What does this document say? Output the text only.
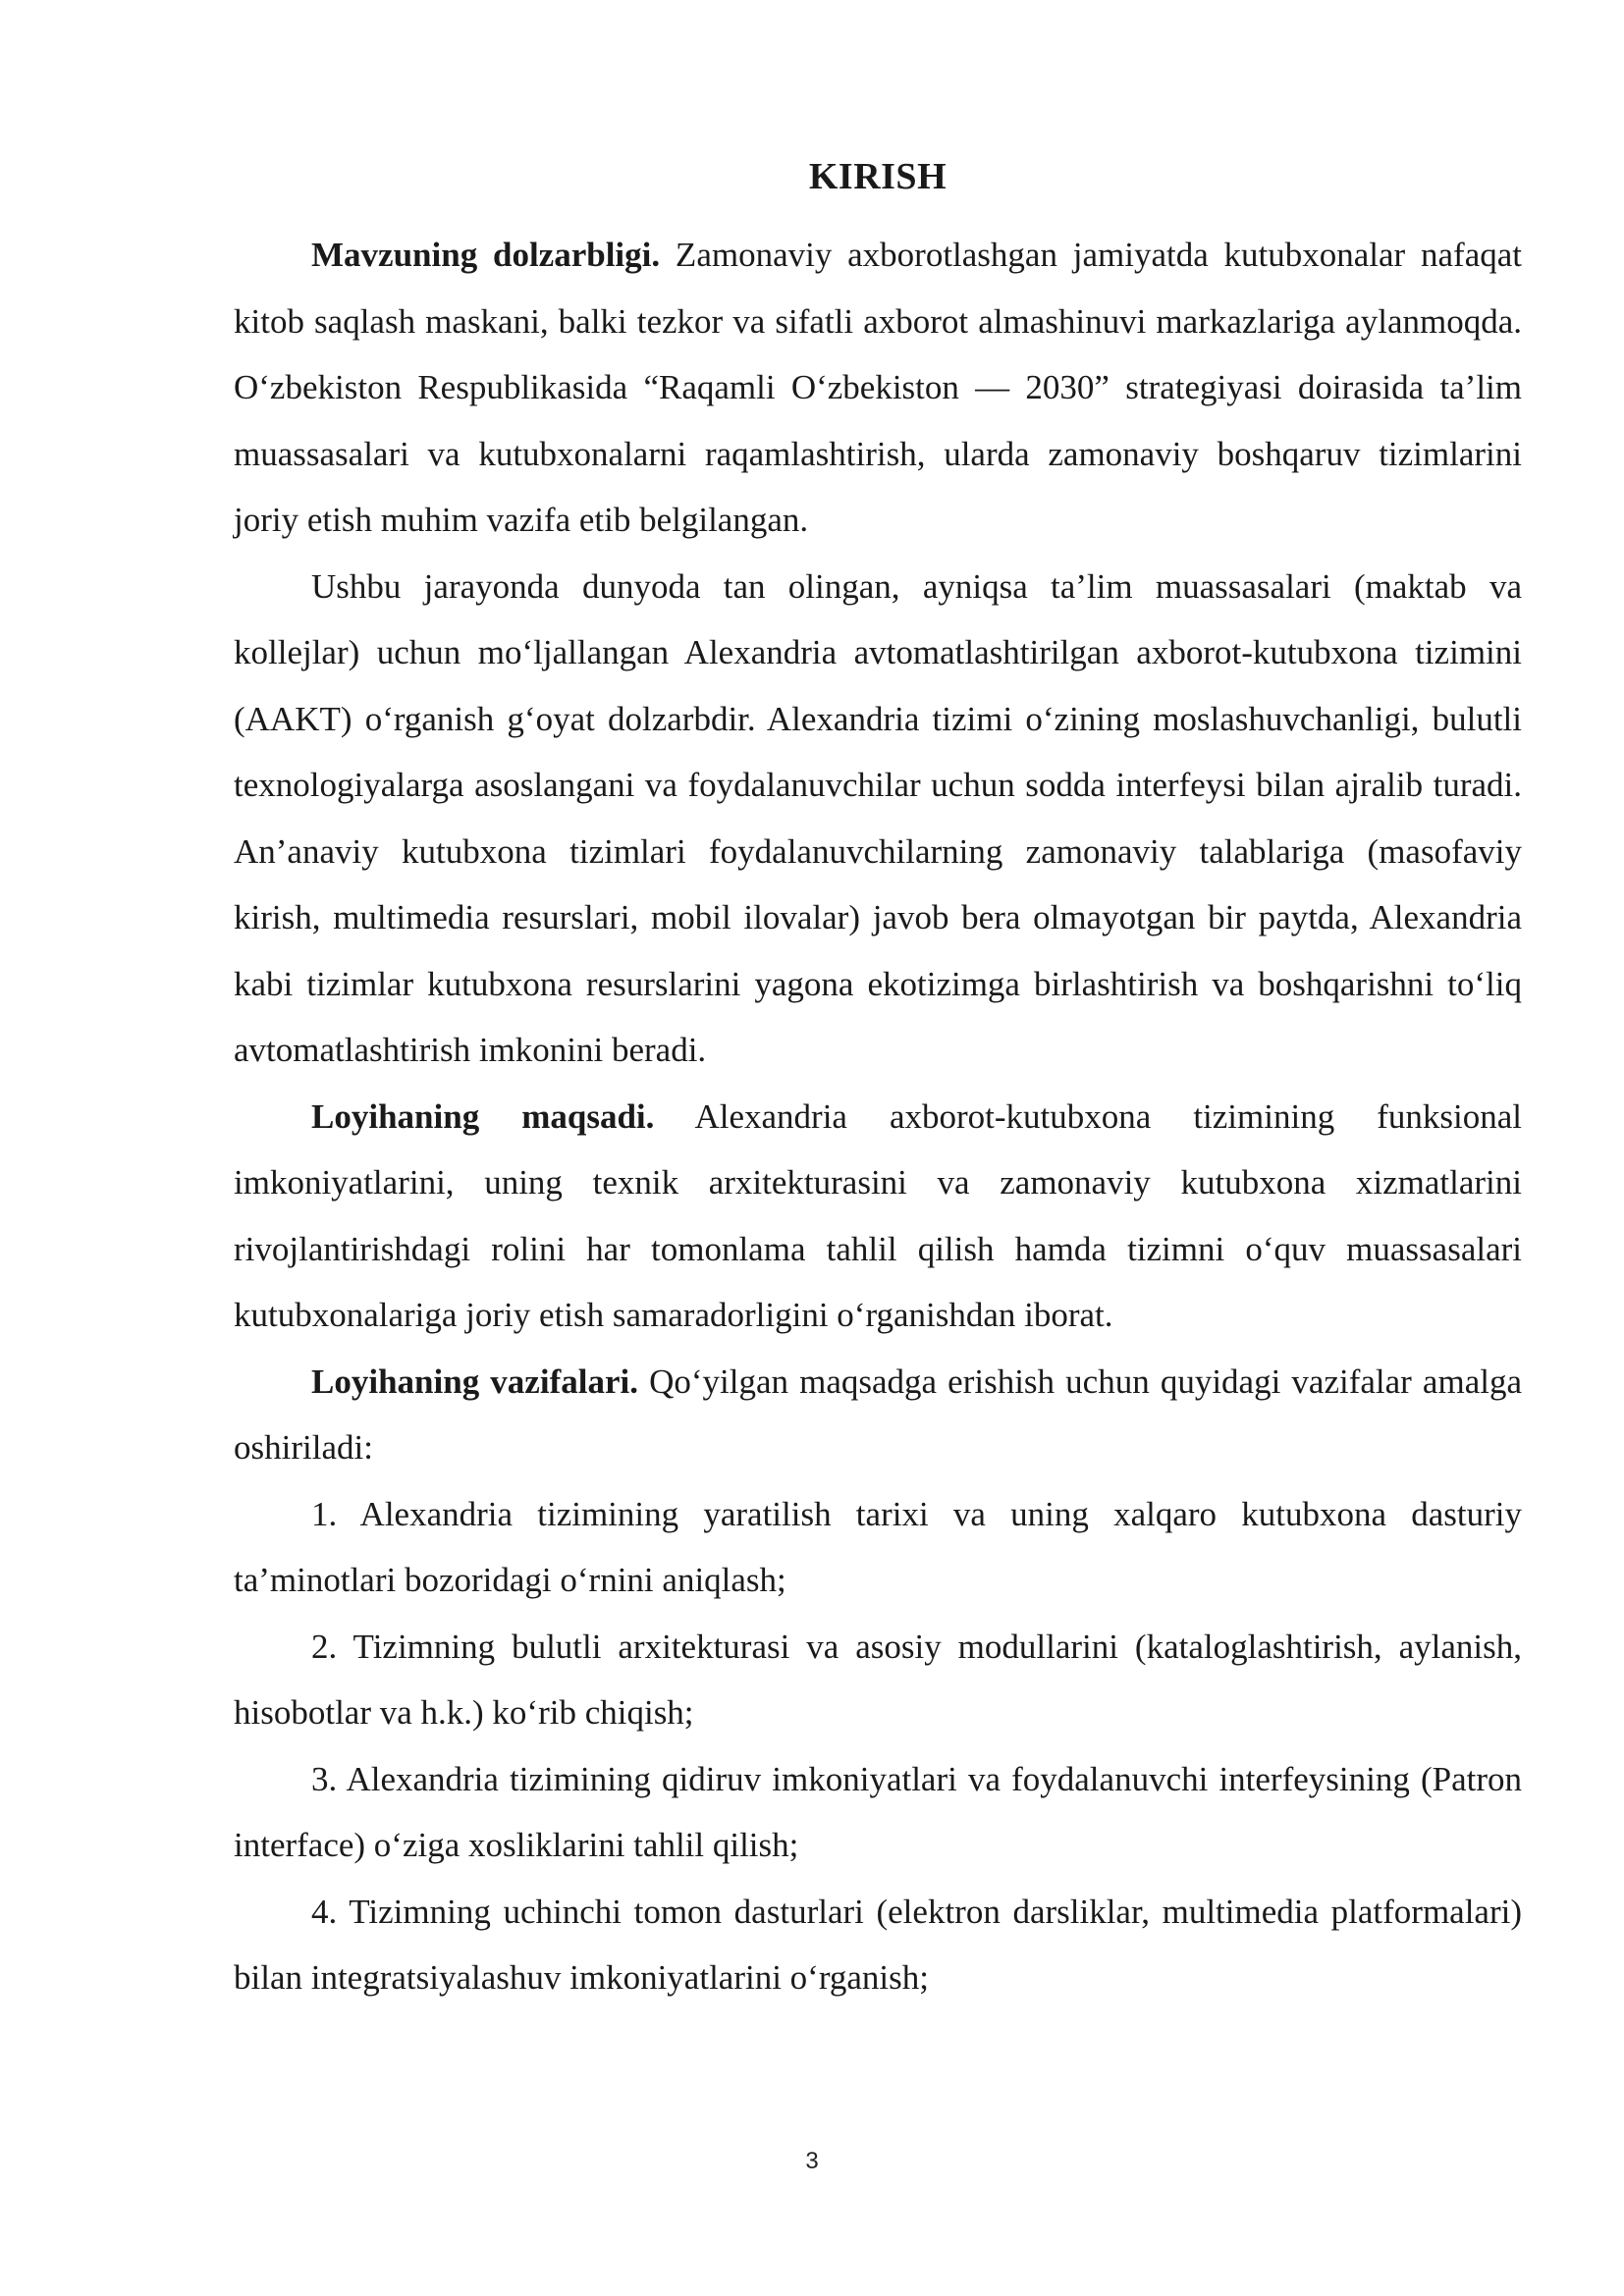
KIRISH

Mavzuning dolzarbligi. Zamonaviy axborotlashgan jamiyatda kutubxonalar nafaqat kitob saqlash maskani, balki tezkor va sifatli axborot almashinuvi markazlariga aylanmoqda. O‘zbekiston Respublikasida “Raqamli O‘zbekiston — 2030” strategiyasi doirasida ta’lim muassasalari va kutubxonalarni raqamlashtirish, ularda zamonaviy boshqaruv tizimlarini joriy etish muhim vazifa etib belgilangan.

Ushbu jarayonda dunyoda tan olingan, ayniqsa ta’lim muassasalari (maktab va kollejlar) uchun mo‘ljallangan Alexandria avtomatlashtirilgan axborot-kutubxona tizimini (AAKT) o‘rganish g‘oyat dolzarbdir. Alexandria tizimi o‘zining moslashuvchanligi, bulutli texnologiyalarga asoslangani va foydalanuvchilar uchun sodda interfeysi bilan ajralib turadi. An’anaviy kutubxona tizimlari foydalanuvchilarning zamonaviy talablariga (masofaviy kirish, multimedia resurslari, mobil ilovalar) javob bera olmayotgan bir paytda, Alexandria kabi tizimlar kutubxona resurslarini yagona ekotizimga birlashtirish va boshqarishni to‘liq avtomatlashtirish imkonini beradi.

Loyihaning maqsadi. Alexandria axborot-kutubxona tizimining funksional imkoniyatlarini, uning texnik arxitekturasini va zamonaviy kutubxona xizmatlarini rivojlantirishdagi rolini har tomonlama tahlil qilish hamda tizimni o‘quv muassasalari kutubxonalariga joriy etish samaradorligini o‘rganishdan iborat.

Loyihaning vazifalari. Qo‘yilgan maqsadga erishish uchun quyidagi vazifalar amalga oshiriladi:

1. Alexandria tizimining yaratilish tarixi va uning xalqaro kutubxona dasturiy ta’minotlari bozoridagi o‘rnini aniqlash;

2. Tizimning bulutli arxitekturasi va asosiy modullarini (kataloglashtirish, aylanish, hisobotlar va h.k.) ko‘rib chiqish;

3. Alexandria tizimining qidiruv imkoniyatlari va foydalanuvchi interfeysining (Patron interface) o‘ziga xosliklarini tahlil qilish;

4. Tizimning uchinchi tomon dasturlari (elektron darsliklar, multimedia platformalari) bilan integratsiyalashuv imkoniyatlarini o‘rganish;

3
